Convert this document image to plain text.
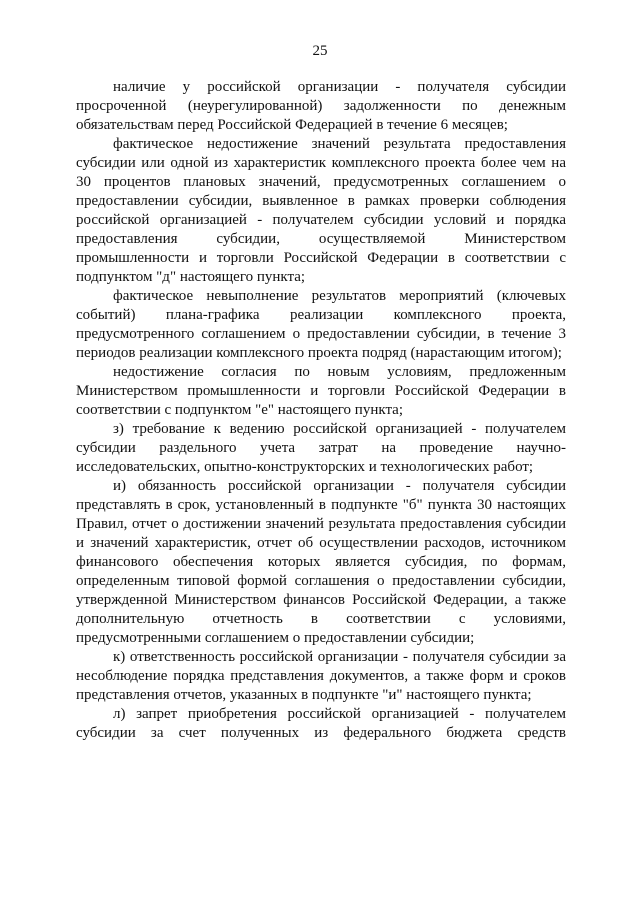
25

наличие у российской организации - получателя субсидии просроченной (неурегулированной) задолженности по денежным обязательствам перед Российской Федерацией в течение 6 месяцев;

фактическое недостижение значений результата предоставления субсидии или одной из характеристик комплексного проекта более чем на 30 процентов плановых значений, предусмотренных соглашением о предоставлении субсидии, выявленное в рамках проверки соблюдения российской организацией - получателем субсидии условий и порядка предоставления субсидии, осуществляемой Министерством промышленности и торговли Российской Федерации в соответствии с подпунктом "д" настоящего пункта;

фактическое невыполнение результатов мероприятий (ключевых событий) плана-графика реализации комплексного проекта, предусмотренного соглашением о предоставлении субсидии, в течение 3 периодов реализации комплексного проекта подряд (нарастающим итогом);

недостижение согласия по новым условиям, предложенным Министерством промышленности и торговли Российской Федерации в соответствии с подпунктом "е" настоящего пункта;

з) требование к ведению российской организацией - получателем субсидии раздельного учета затрат на проведение научно-исследовательских, опытно-конструкторских и технологических работ;

и) обязанность российской организации - получателя субсидии представлять в срок, установленный в подпункте "б" пункта 30 настоящих Правил, отчет о достижении значений результата предоставления субсидии и значений характеристик, отчет об осуществлении расходов, источником финансового обеспечения которых является субсидия, по формам, определенным типовой формой соглашения о предоставлении субсидии, утвержденной Министерством финансов Российской Федерации, а также дополнительную отчетность в соответствии с условиями, предусмотренными соглашением о предоставлении субсидии;

к) ответственность российской организации - получателя субсидии за несоблюдение порядка представления документов, а также форм и сроков представления отчетов, указанных в подпункте "и" настоящего пункта;

л) запрет приобретения российской организацией - получателем субсидии за счет полученных из федерального бюджета средств
